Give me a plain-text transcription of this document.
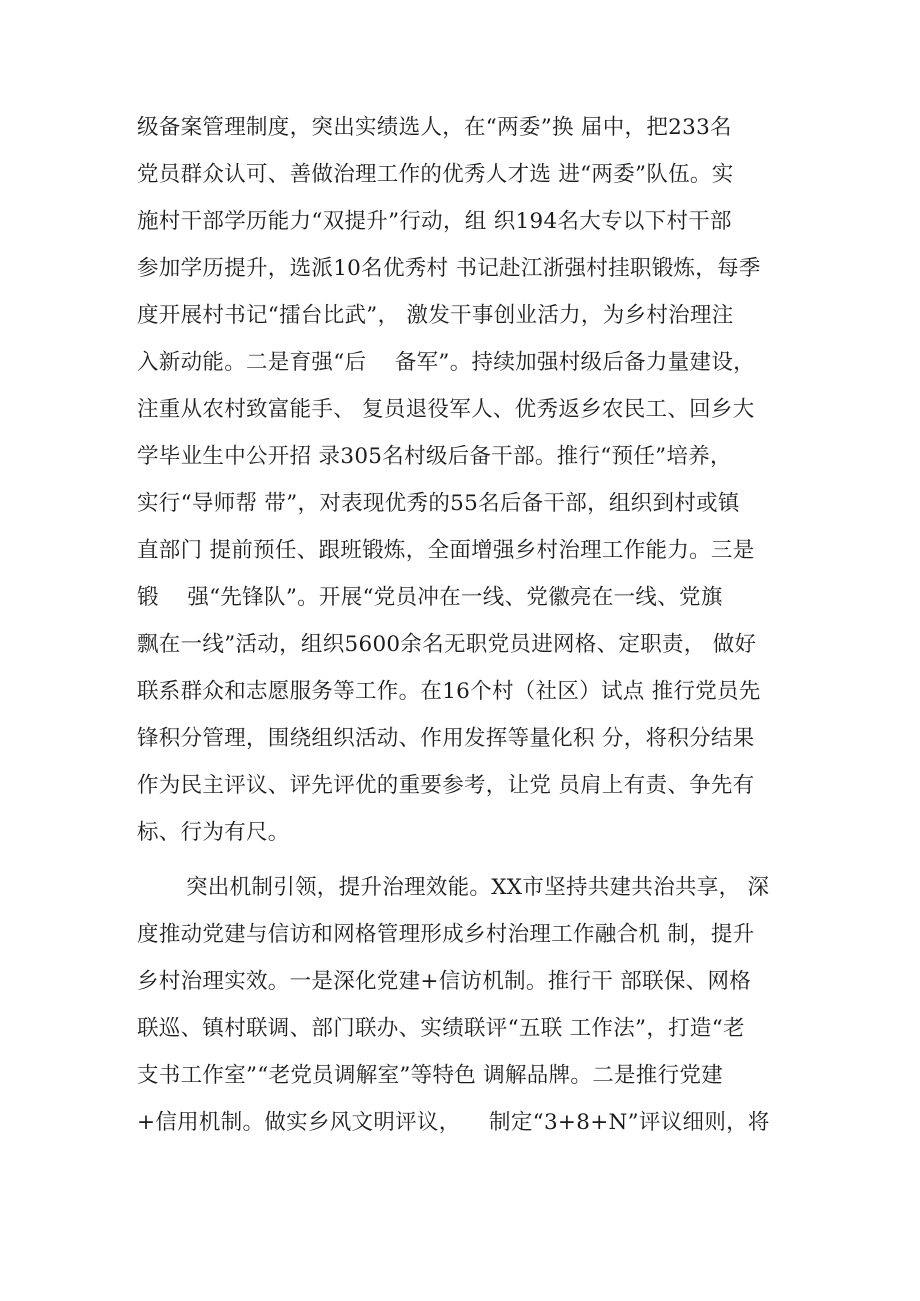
级备案管理制度，突出实绩选人，在“两委”换 届中，把233名
党员群众认可、善做治理工作的优秀人才选 进“两委”队伍。实
施村干部学历能力“双提升”行动，组 织194名大专以下村干部
参加学历提升，选派10名优秀村 书记赴江浙强村挂职锻炼，每季
度开展村书记“擂台比武”， 激发干事创业活力，为乡村治理注
入新动能。二是育强“后    备军”。持续加强村级后备力量建设，
注重从农村致富能手、 复员退役军人、优秀返乡农民工、回乡大
学毕业生中公开招 录305名村级后备干部。推行“预任”培养，
实行“导师帮 带”，对表现优秀的55名后备干部，组织到村或镇
直部门 提前预任、跟班锻炼，全面增强乡村治理工作能力。三是
锻    强“先锋队”。开展“党员冲在一线、党徽亮在一线、党旗
飘在一线”活动，组织5600余名无职党员进网格、定职责， 做好
联系群众和志愿服务等工作。在16个村（社区）试点 推行党员先
锋积分管理，围绕组织活动、作用发挥等量化积 分，将积分结果
作为民主评议、评先评优的重要参考，让党 员肩上有责、争先有
标、行为有尺。
突出机制引领，提升治理效能。XX市坚持共建共治共享， 深
度推动党建与信访和网格管理形成乡村治理工作融合机 制，提升
乡村治理实效。一是深化党建+信访机制。推行干 部联保、网格
联巡、镇村联调、部门联办、实绩联评“五联 工作法”，打造“老
支书工作室”“老党员调解室”等特色 调解品牌。二是推行党建
+信用机制。做实乡风文明评议，    制定“3+8+N”评议细则，将
